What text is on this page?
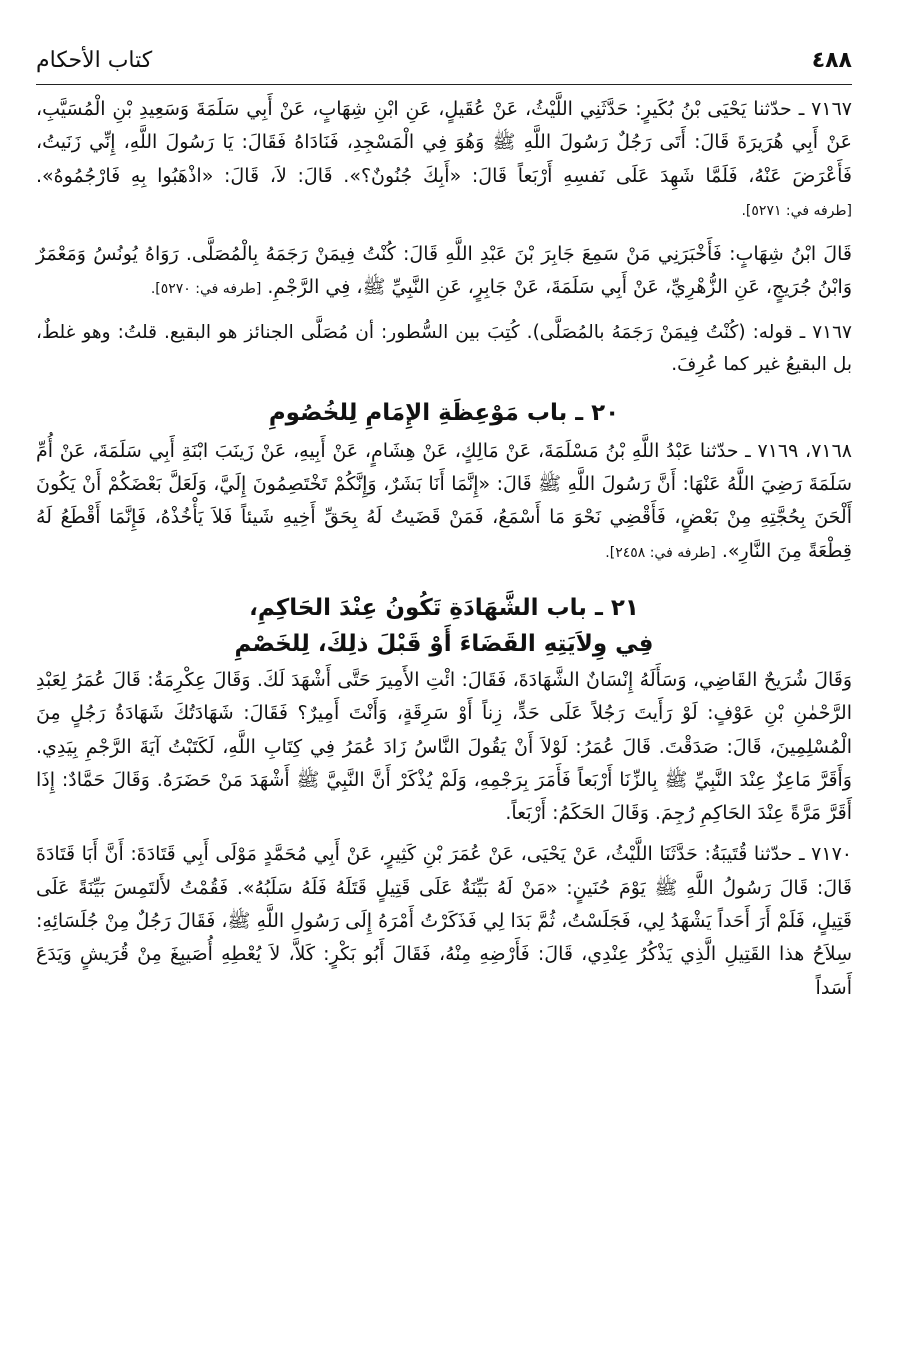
٤٨٨
كتاب الأحكام

٧١٦٧ ـ حدّثنا يَحْيَى بْنُ بُكَيرٍ: حَدَّثَنِي اللَّيْثُ، عَنْ عُقَيلٍ، عَنِ ابْنِ شِهَابٍ، عَنْ أَبِي سَلَمَةَ وَسَعِيدِ بْنِ الْمُسَيَّبِ، عَنْ أَبِي هُرَيرَةَ قَالَ: أَتَى رَجُلٌ رَسُولَ اللَّهِ ﷺ وَهُوَ فِي الْمَسْجِدِ، فَنَادَاهُ فَقَالَ: يَا رَسُولَ اللَّهِ، إِنِّي زَنَيتُ، فَأَعْرَضَ عَنْهُ، فَلَمَّا شَهِدَ عَلَى نَفسِهِ أَرْبَعاً قَالَ: «أَبِكَ جُنُونٌ؟». قَالَ: لاَ، قَالَ: «اذْهَبُوا بِهِ فَارْجُمُوهُ». [طرفه في: ٥٢٧١].

قَالَ ابْنُ شِهَابٍ: فَأَخْبَرَنِي مَنْ سَمِعَ جَابِرَ بْنَ عَبْدِ اللَّهِ قَالَ: كُنْتُ فِيمَنْ رَجَمَهُ بِالْمُصَلَّى. رَوَاهُ يُونُسُ وَمَعْمَرٌ وَابْنُ جُرَيجٍ، عَنِ الزُّهْرِيِّ، عَنْ أَبِي سَلَمَةَ، عَنْ جَابِرٍ، عَنِ النَّبِيِّ ﷺ، فِي الرَّجْمِ. [طرفه في: ٥٢٧٠].

٧١٦٧ ـ قوله: (كُنْتُ فِيمَنْ رَجَمَهُ بالمُصَلَّى). كُتِبَ بين السُّطور: أن مُصَلَّى الجنائز هو البقيع. قلتُ: وهو غلطٌ، بل البقيعُ غير كما عُرِفَ.

٢٠ ـ باب مَوْعِظَةِ الإِمَامِ لِلخُصُومِ

٧١٦٨، ٧١٦٩ ـ حدّثنا عَبْدُ اللَّهِ بْنُ مَسْلَمَةَ، عَنْ مَالِكٍ، عَنْ هِشَامٍ، عَنْ أَبِيهِ، عَنْ زَينَبَ ابْنَةِ أَبِي سَلَمَةَ، عَنْ أُمِّ سَلَمَةَ رَضِيَ اللَّهُ عَنْهَا: أَنَّ رَسُولَ اللَّهِ ﷺ قَالَ: «إِنَّمَا أَنَا بَشَرٌ، وَإِنَّكُمْ تَخْتَصِمُونَ إِلَيَّ، وَلَعَلَّ بَعْضَكُمْ أَنْ يَكُونَ أَلْحَنَ بِحُجَّتِهِ مِنْ بَعْضٍ، فَأَقْضِي نَحْوَ مَا أَسْمَعُ، فَمَنْ قَضَيتُ لَهُ بِحَقِّ أَخِيهِ شَيئاً فَلاَ يَأْخُذْهُ، فَإِنَّمَا أَقْطَعُ لَهُ قِطْعَةً مِنَ النَّارِ». [طرفه في: ٢٤٥٨].

٢١ ـ باب الشَّهَادَةِ تَكُونُ عِنْدَ الحَاكِمِ،

فِي وِلاَيَتِهِ القَضَاءَ أَوْ قَبْلَ ذلِكَ، لِلخَصْمِ

وَقَالَ شُرَيحٌ القَاضِي، وَسَأَلَهُ إِنْسَانٌ الشَّهَادَةَ، فَقَالَ: ائْتِ الأَمِيرَ حَتَّى أَشْهَدَ لَكَ. وَقَالَ عِكْرِمَةُ: قَالَ عُمَرُ لِعَبْدِ الرَّحْمٰنِ بْنِ عَوْفٍ: لَوْ رَأَيتَ رَجُلاً عَلَى حَدٍّ، زِناً أَوْ سَرِقَةٍ، وَأَنْتَ أَمِيرٌ؟ فَقَالَ: شَهَادَتُكَ شَهَادَةُ رَجُلٍ مِنَ الْمُسْلِمِينَ، قَالَ: صَدَقْتَ. قَالَ عُمَرُ: لَوْلاَ أَنْ يَقُولَ النَّاسُ زَادَ عُمَرُ فِي كِتَابِ اللَّهِ، لَكَتَبْتُ آيَةَ الرَّجْمِ بِيَدِي. وَأَقَرَّ مَاعِزٌ عِنْدَ النَّبِيِّ ﷺ بِالزِّنَا أَرْبَعاً فَأَمَرَ بِرَجْمِهِ، وَلَمْ يُذْكَرْ أَنَّ النَّبِيَّ ﷺ أَشْهَدَ مَنْ حَضَرَهُ. وَقَالَ حَمَّادٌ: إِذَا أَقَرَّ مَرَّةً عِنْدَ الحَاكِمِ رُجِمَ. وَقَالَ الحَكَمُ: أَرْبَعاً.

٧١٧٠ ـ حدّثنا قُتَيبَةُ: حَدَّثَنَا اللَّيْثُ، عَنْ يَحْيَى، عَنْ عُمَرَ بْنِ كَثِيرٍ، عَنْ أَبِي مُحَمَّدٍ مَوْلَى أَبِي قَتَادَةَ: أَنَّ أَبَا قَتَادَةَ قَالَ: قَالَ رَسُولُ اللَّهِ ﷺ يَوْمَ حُنَينٍ: «مَنْ لَهُ بَيِّنَةٌ عَلَى قَتِيلٍ قَتَلَهُ فَلَهُ سَلَبُهُ». فَقُمْتُ لأَلتَمِسَ بَيِّنَةً عَلَى قَتِيلٍ، فَلَمْ أَرَ أَحَداً يَشْهَدُ لِي، فَجَلَسْتُ، ثُمَّ بَدَا لِي فَذَكَرْتُ أَمْرَهُ إِلَى رَسُولِ اللَّهِ ﷺ، فَقَالَ رَجُلٌ مِنْ جُلَسَائِهِ: سِلاَحُ هذا القَتِيلِ الَّذِي يَذْكُرُ عِنْدِي، قَالَ: فَأَرْضِهِ مِنْهُ، فَقَالَ أَبُو بَكْرٍ: كَلاَّ، لاَ يُعْطِهِ أُصَيبِغَ مِنْ قُرَيشٍ وَيَدَعَ أَسَداً
